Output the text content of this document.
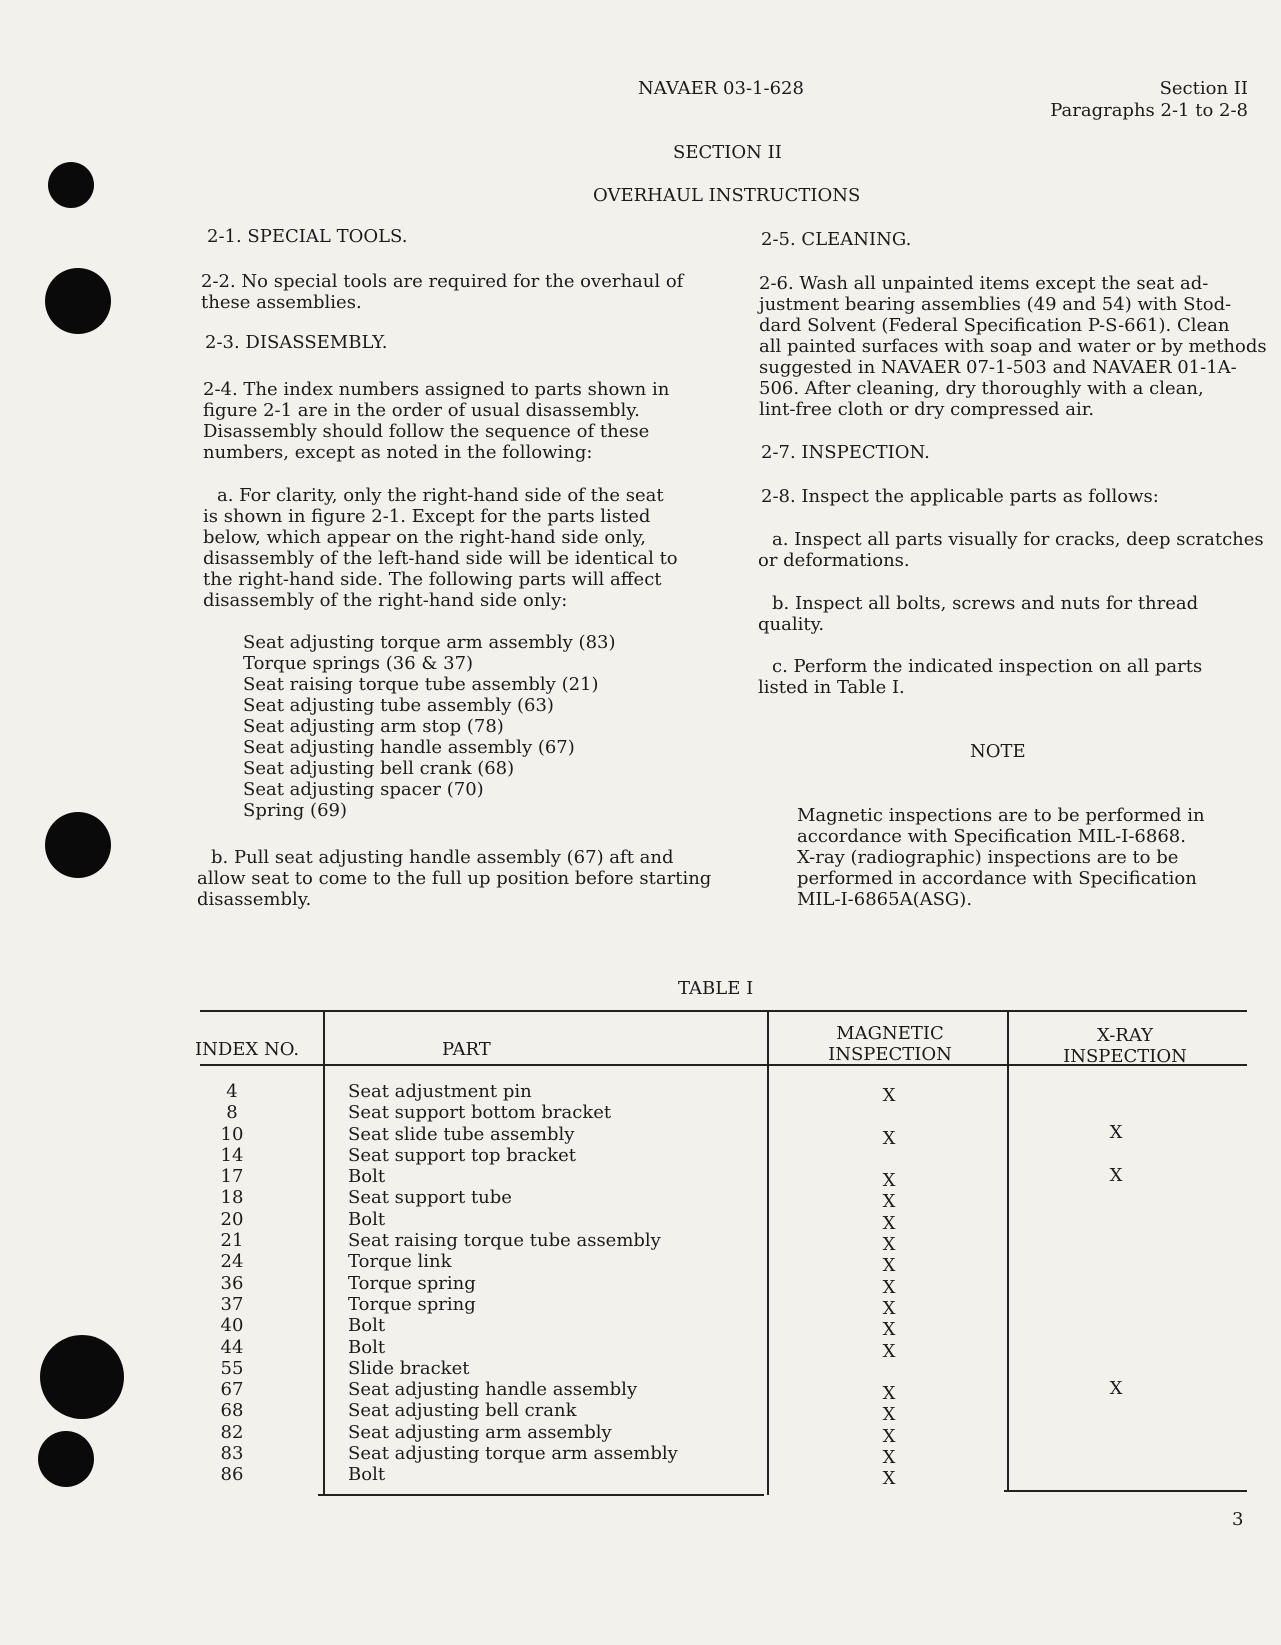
NAVAER 03-1-628	Section II
Paragraphs 2-1 to 2-8
SECTION II
OVERHAUL INSTRUCTIONS
2-1. SPECIAL TOOLS.
2-2. No special tools are required for the overhaul of
these assemblies.
2-3. DISASSEMBLY.
2-4. The index numbers assigned to parts shown in
figure 2-1 are in the order of usual disassembly.
Disassembly should follow the sequence of these
numbers, except as noted in the following:
a. For clarity, only the right-hand side of the seat
is shown in figure 2-1. Except for the parts listed
below, which appear on the right-hand side only,
disassembly of the left-hand side will be identical to
the right-hand side. The following parts will affect
disassembly of the right-hand side only:
Seat adjusting torque arm assembly (83)
Torque springs (36 & 37)
Seat raising torque tube assembly (21)
Seat adjusting tube assembly (63)
Seat adjusting arm stop (78)
Seat adjusting handle assembly (67)
Seat adjusting bell crank (68)
Seat adjusting spacer (70)
Spring (69)
b. Pull seat adjusting handle assembly (67) aft and
allow seat to come to the full up position before starting
disassembly.
2-5. CLEANING.
2-6. Wash all unpainted items except the seat ad-
justment bearing assemblies (49 and 54) with Stod-
dard Solvent (Federal Specification P-S-661). Clean
all painted surfaces with soap and water or by methods
suggested in NAVAER 07-1-503 and NAVAER 01-1A-
506. After cleaning, dry thoroughly with a clean,
lint-free cloth or dry compressed air.
2-7. INSPECTION.
2-8. Inspect the applicable parts as follows:
a. Inspect all parts visually for cracks, deep scratches
or deformations.
b. Inspect all bolts, screws and nuts for thread
quality.
c. Perform the indicated inspection on all parts
listed in Table I.
NOTE
Magnetic inspections are to be performed in
accordance with Specification MIL-I-6868.
X-ray (radiographic) inspections are to be
performed in accordance with Specification
MIL-I-6865A(ASG).
TABLE I
INDEX NO.	PART
MAGNETIC
INSPECTION
X-RAY
INSPECTION
4
8
10
14
17
18
20
21
24
36
37
40
44
55
67
68
82
83
86
Seat adjustment pin
Seat support bottom bracket
Seat slide tube assembly
Seat support top bracket
Bolt
Seat support tube
Bolt
Seat raising torque tube assembly
Torque link
Torque spring
Torque spring
Bolt
Bolt
Slide bracket
Seat adjusting handle assembly
Seat adjusting bell crank
Seat adjusting arm assembly
Seat adjusting torque arm assembly
Bolt
X
X
X
X
X
X
X
X
X
X
X
X
X
X
X
X
X
X
X
3
